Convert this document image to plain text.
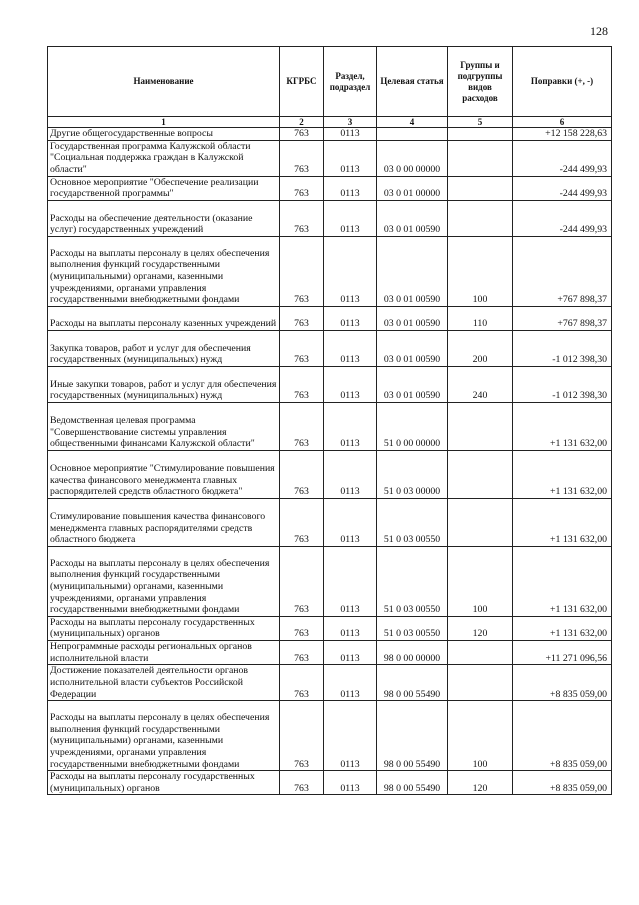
128
Наименование	КГРБС	Раздел, подраздел	Целевая статья	Группы и подгруппы видов расходов	Поправки (+, -)
1	2	3	4	5	6
Другие общегосударственные вопросы	763	0113			+12 158 228,63
Государственная программа Калужской области "Социальная поддержка граждан в Калужской области"	763	0113	03 0 00 00000		-244 499,93
Основное мероприятие "Обеспечение реализации государственной программы"	763	0113	03 0 01 00000		-244 499,93
Расходы на обеспечение деятельности (оказание услуг) государственных учреждений	763	0113	03 0 01 00590		-244 499,93
Расходы на выплаты персоналу в целях обеспечения выполнения функций государственными (муниципальными) органами, казенными учреждениями, органами управления государственными внебюджетными фондами	763	0113	03 0 01 00590	100	+767 898,37
Расходы на выплаты персоналу казенных учреждений	763	0113	03 0 01 00590	110	+767 898,37
Закупка товаров, работ и услуг для обеспечения государственных (муниципальных) нужд	763	0113	03 0 01 00590	200	-1 012 398,30
Иные закупки товаров, работ и услуг для обеспечения государственных (муниципальных) нужд	763	0113	03 0 01 00590	240	-1 012 398,30
Ведомственная целевая программа "Совершенствование системы управления общественными финансами Калужской области"	763	0113	51 0 00 00000		+1 131 632,00
Основное мероприятие "Стимулирование повышения качества финансового менеджмента главных распорядителей средств областного бюджета"	763	0113	51 0 03 00000		+1 131 632,00
Стимулирование повышения качества финансового менеджмента главных распорядителями средств областного бюджета	763	0113	51 0 03 00550		+1 131 632,00
Расходы на выплаты персоналу в целях обеспечения выполнения функций государственными (муниципальными) органами, казенными учреждениями, органами управления государственными внебюджетными фондами	763	0113	51 0 03 00550	100	+1 131 632,00
Расходы на выплаты персоналу государственных (муниципальных) органов	763	0113	51 0 03 00550	120	+1 131 632,00
Непрограммные расходы региональных органов исполнительной власти	763	0113	98 0 00 00000		+11 271 096,56
Достижение показателей деятельности органов исполнительной власти субъектов Российской Федерации	763	0113	98 0 00 55490		+8 835 059,00
Расходы на выплаты персоналу в целях обеспечения выполнения функций государственными (муниципальными) органами, казенными учреждениями, органами управления государственными внебюджетными фондами	763	0113	98 0 00 55490	100	+8 835 059,00
Расходы на выплаты персоналу государственных (муниципальных) органов	763	0113	98 0 00 55490	120	+8 835 059,00
